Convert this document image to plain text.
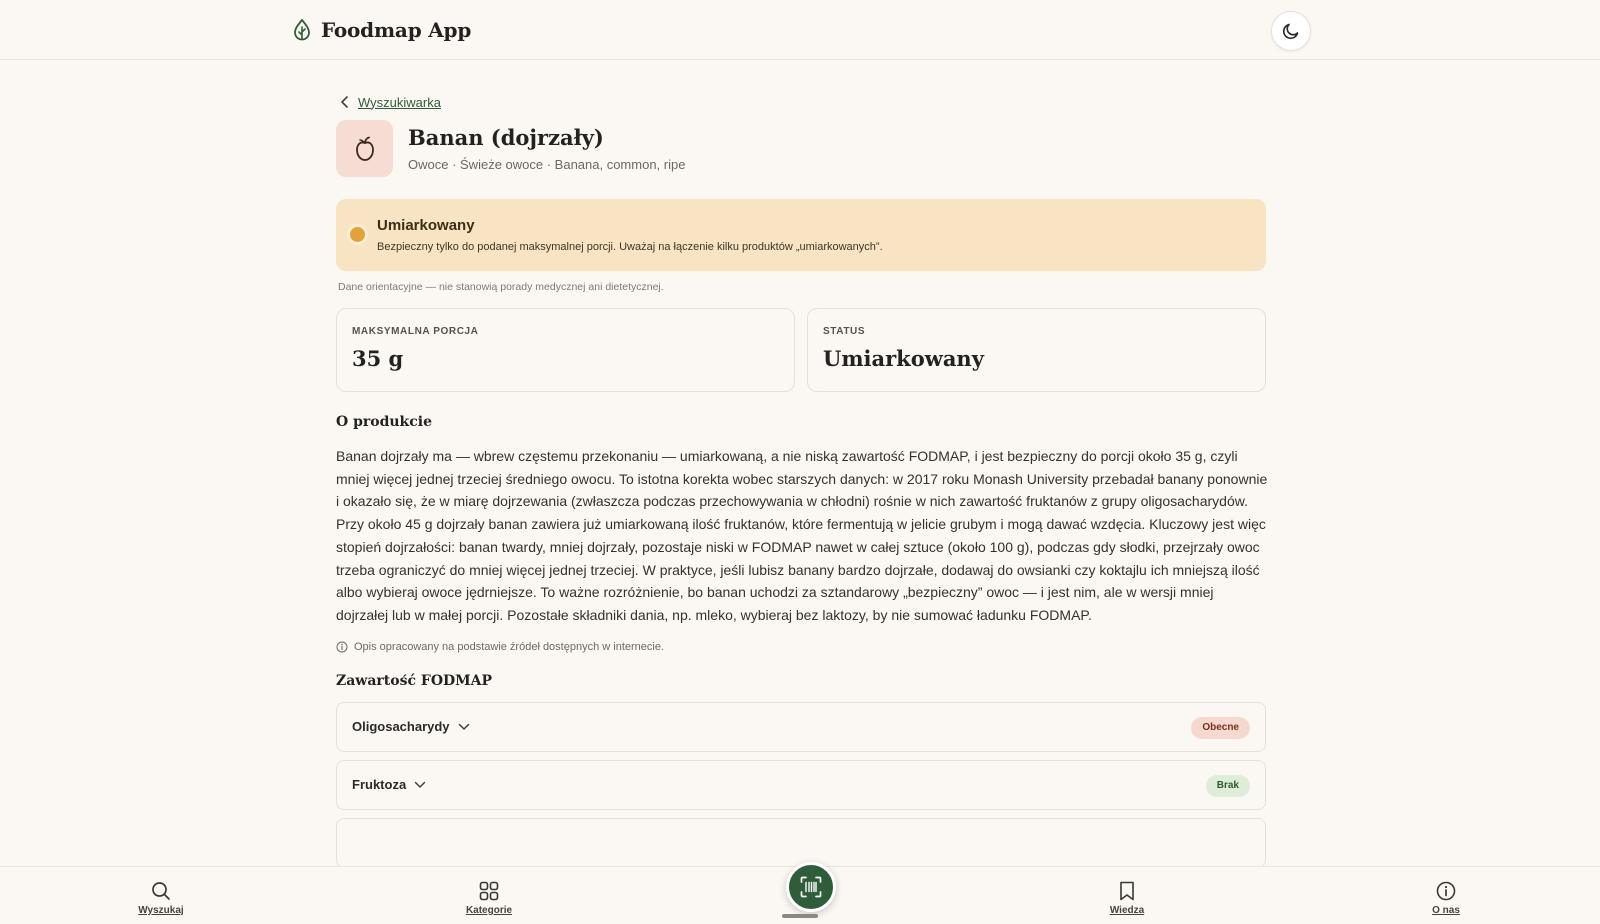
Foodmap App
Wyszukiwarka
Banan (dojrzały)
Owoce · Świeże owoce · Banana, common, ripe
Umiarkowany
Bezpieczny tylko do podanej maksymalnej porcji. Uważaj na łączenie kilku produktów „umiarkowanych”.
Dane orientacyjne — nie stanowią porady medycznej ani dietetycznej.
MAKSYMALNA PORCJA
35 g
STATUS
Umiarkowany
O produkcie
Banan dojrzały ma — wbrew częstemu przekonaniu — umiarkowaną, a nie niską zawartość FODMAP, i jest bezpieczny do porcji około 35 g, czyli mniej więcej jednej trzeciej średniego owocu. To istotna korekta wobec starszych danych: w 2017 roku Monash University przebadał banany ponownie i okazało się, że w miarę dojrzewania (zwłaszcza podczas przechowywania w chłodni) rośnie w nich zawartość fruktanów z grupy oligosacharydów. Przy około 45 g dojrzały banan zawiera już umiarkowaną ilość fruktanów, które fermentują w jelicie grubym i mogą dawać wzdęcia. Kluczowy jest więc stopień dojrzałości: banan twardy, mniej dojrzały, pozostaje niski w FODMAP nawet w całej sztuce (około 100 g), podczas gdy słodki, przejrzały owoc trzeba ograniczyć do mniej więcej jednej trzeciej. W praktyce, jeśli lubisz banany bardzo dojrzałe, dodawaj do owsianki czy koktajlu ich mniejszą ilość albo wybieraj owoce jędrniejsze. To ważne rozróżnienie, bo banan uchodzi za sztandarowy „bezpieczny” owoc — i jest nim, ale w wersji mniej dojrzałej lub w małej porcji. Pozostałe składniki dania, np. mleko, wybieraj bez laktozy, by nie sumować ładunku FODMAP.
Opis opracowany na podstawie źródeł dostępnych w internecie.
Zawartość FODMAP
Oligosacharydy	Obecne
Fruktoza	Brak
Wyszukaj	Kategorie	Wiedza	O nas
